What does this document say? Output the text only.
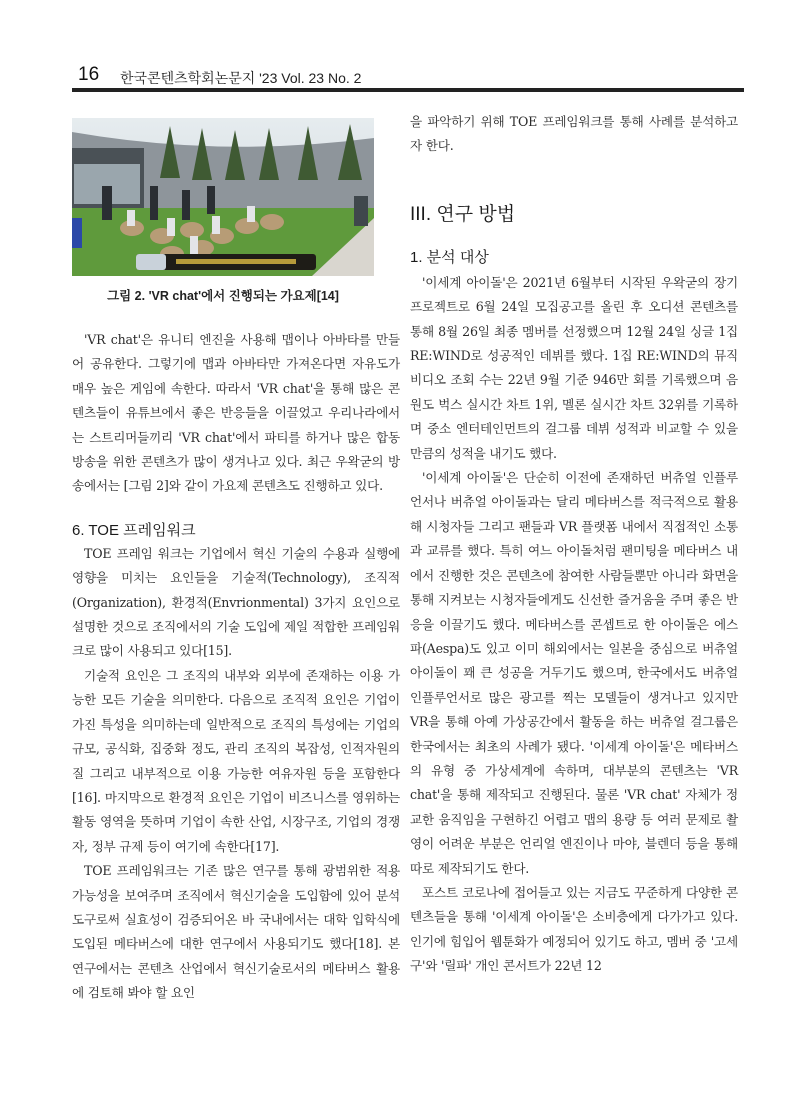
16 한국콘텐츠학회논문지 '23 Vol. 23 No. 2
그림 2. 'VR chat'에서 진행되는 가요제[14]

'VR chat'은 유니티 엔진을 사용해 맵이나 아바타를 만들어 공유한다. 그렇기에 맵과 아바타만 가져온다면 자유도가 매우 높은 게임에 속한다. 따라서 'VR chat'을 통해 많은 콘텐츠들이 유튜브에서 좋은 반응들을 이끌었고 우리나라에서는 스트리머들끼리 'VR chat'에서 파티를 하거나 많은 합동 방송을 위한 콘텐츠가 많이 생겨나고 있다. 최근 우왁굳의 방송에서는 [그림 2]와 같이 가요제 콘텐츠도 진행하고 있다.

6. TOE 프레임워크

TOE 프레임 워크는 기업에서 혁신 기술의 수용과 실행에 영향을 미치는 요인들을 기술적(Technology), 조직적(Organization), 환경적(Envrionmental) 3가지 요인으로 설명한 것으로 조직에서의 기술 도입에 제일 적합한 프레임워크로 많이 사용되고 있다[15].

기술적 요인은 그 조직의 내부와 외부에 존재하는 이용 가능한 모든 기술을 의미한다. 다음으로 조직적 요인은 기업이 가진 특성을 의미하는데 일반적으로 조직의 특성에는 기업의 규모, 공식화, 집중화 정도, 관리 조직의 복잡성, 인적자원의 질 그리고 내부적으로 이용 가능한 여유자원 등을 포함한다[16]. 마지막으로 환경적 요인은 기업이 비즈니스를 영위하는 활동 영역을 뜻하며 기업이 속한 산업, 시장구조, 기업의 경쟁자, 정부 규제 등이 여기에 속한다[17].

TOE 프레임워크는 기존 많은 연구를 통해 광범위한 적용 가능성을 보여주며 조직에서 혁신기술을 도입함에 있어 분석 도구로써 실효성이 검증되어온 바 국내에서는 대학 입학식에 도입된 메타버스에 대한 연구에서 사용되기도 했다[18]. 본 연구에서는 콘텐츠 산업에서 혁신기술로서의 메타버스 활용에 검토해 봐야 할 요인

을 파악하기 위해 TOE 프레임워크를 통해 사례를 분석하고자 한다.

III. 연구 방법
1. 분석 대상

'이세계 아이돌'은 2021년 6월부터 시작된 우왁굳의 장기 프로젝트로 6월 24일 모집공고를 올린 후 오디션 콘텐츠를 통해 8월 26일 최종 멤버를 선정했으며 12월 24일 싱글 1집 RE:WIND로 성공적인 데뷔를 했다. 1집 RE:WIND의 뮤직비디오 조회 수는 22년 9월 기준 946만 회를 기록했으며 음원도 벅스 실시간 차트 1위, 멜론 실시간 차트 32위를 기록하며 중소 엔터테인먼트의 걸그룹 데뷔 성적과 비교할 수 있을 만큼의 성적을 내기도 했다.

'이세계 아이돌'은 단순히 이전에 존재하던 버츄얼 인플루언서나 버츄얼 아이돌과는 달리 메타버스를 적극적으로 활용해 시청자들 그리고 팬들과 VR 플랫폼 내에서 직접적인 소통과 교류를 했다. 특히 여느 아이돌처럼 팬미팅을 메타버스 내에서 진행한 것은 콘텐츠에 참여한 사람들뿐만 아니라 화면을 통해 지켜보는 시청자들에게도 신선한 즐거움을 주며 좋은 반응을 이끌기도 했다. 메타버스를 콘셉트로 한 아이돌은 에스파(Aespa)도 있고 이미 해외에서는 일본을 중심으로 버츄얼 아이돌이 꽤 큰 성공을 거두기도 했으며, 한국에서도 버츄얼 인플루언서로 많은 광고를 찍는 모델들이 생겨나고 있지만 VR을 통해 아예 가상공간에서 활동을 하는 버츄얼 걸그룹은 한국에서는 최초의 사례가 됐다. '이세계 아이돌'은 메타버스의 유형 중 가상세계에 속하며, 대부분의 콘텐츠는 'VR chat'을 통해 제작되고 진행된다. 물론 'VR chat' 자체가 정교한 움직임을 구현하긴 어렵고 맵의 용량 등 여러 문제로 촬영이 어려운 부분은 언리얼 엔진이나 마야, 블렌더 등을 통해 따로 제작되기도 한다.

포스트 코로나에 접어들고 있는 지금도 꾸준하게 다양한 콘텐츠들을 통해 '이세계 아이돌'은 소비층에게 다가가고 있다. 인기에 힘입어 웹툰화가 예정되어 있기도 하고, 멤버 중 '고세구'와 '릴파' 개인 콘서트가 22년 12
